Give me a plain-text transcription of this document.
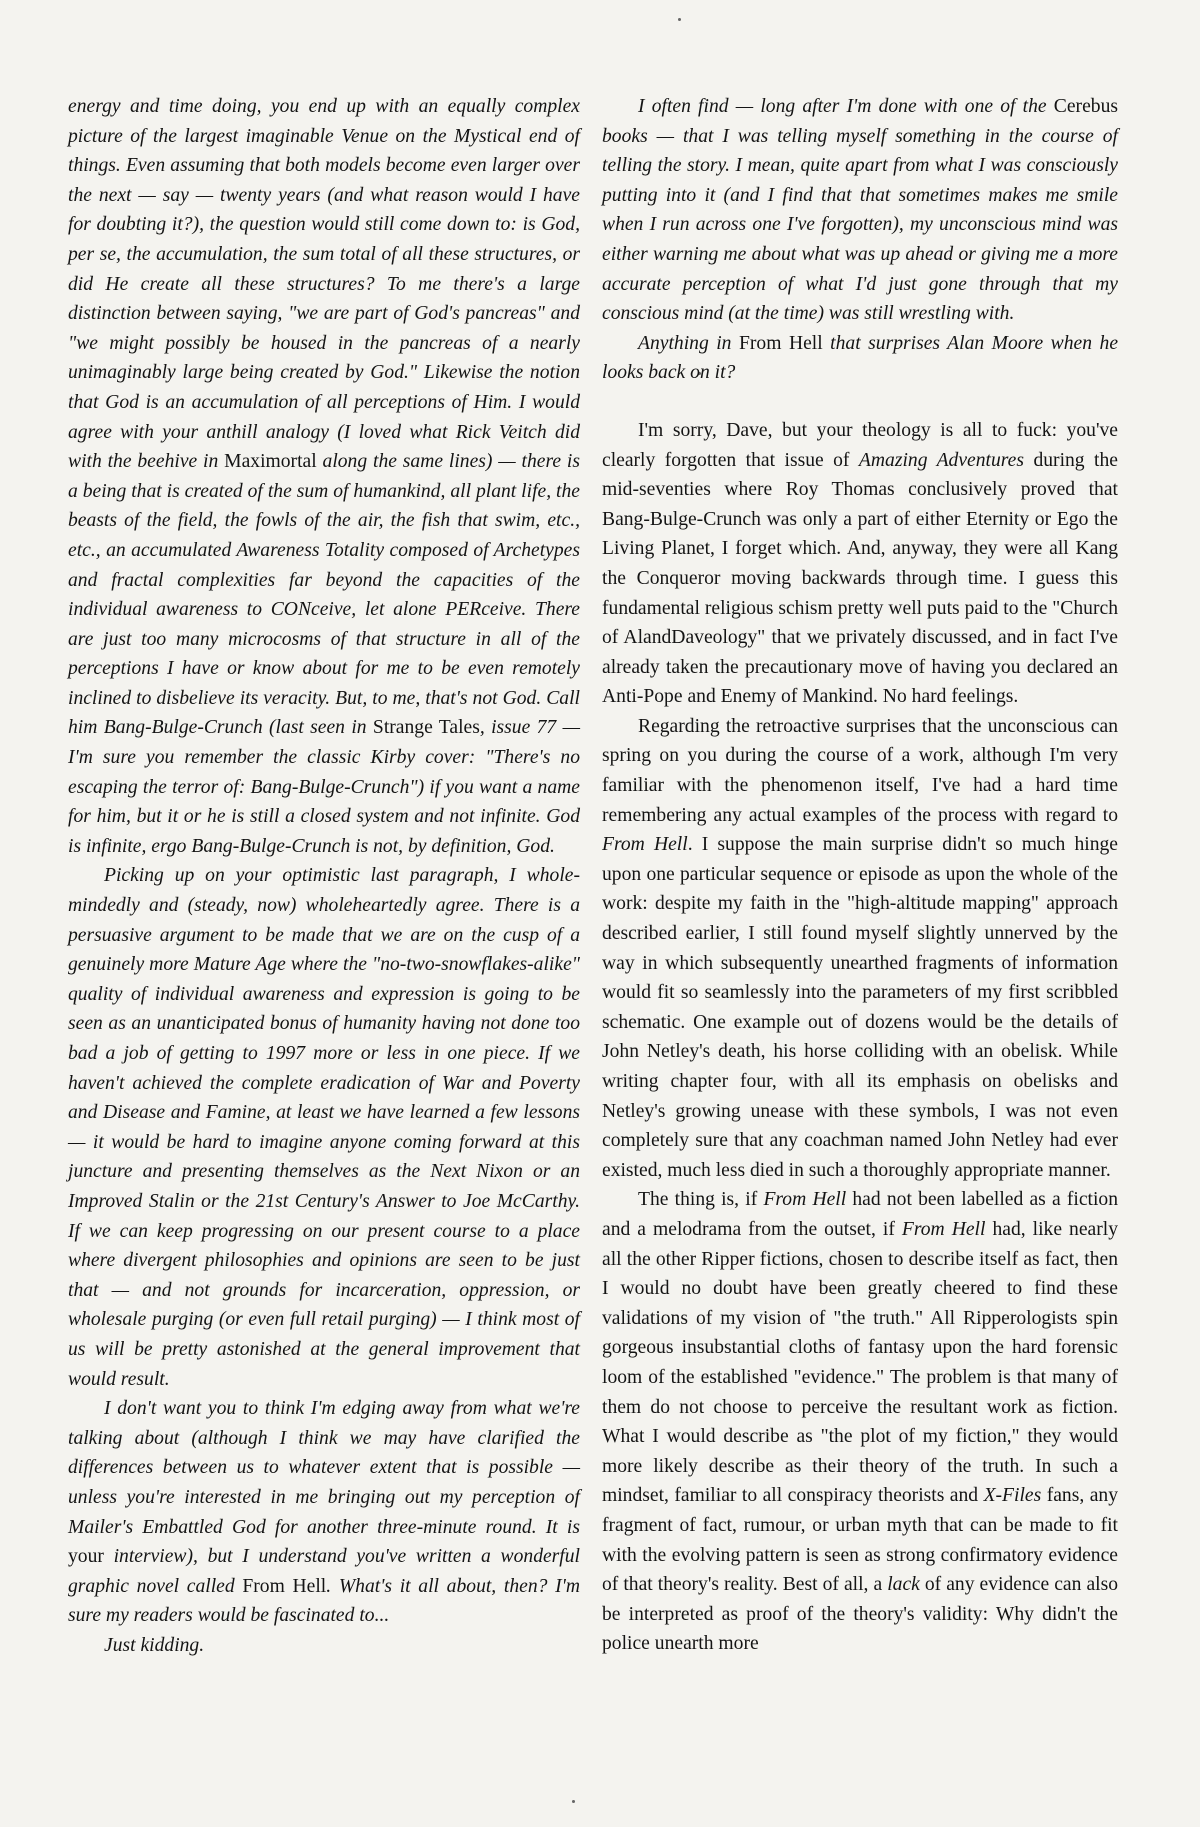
energy and time doing, you end up with an equally complex picture of the largest imaginable Venue on the Mystical end of things. Even assuming that both models become even larger over the next — say — twenty years (and what reason would I have for doubting it?), the question would still come down to: is God, per se, the accumulation, the sum total of all these structures, or did He create all these structures? To me there's a large distinction between saying, "we are part of God's pancreas" and "we might possibly be housed in the pancreas of a nearly unimaginably large being created by God." Likewise the notion that God is an accumulation of all perceptions of Him. I would agree with your anthill analogy (I loved what Rick Veitch did with the beehive in Maximortal along the same lines) — there is a being that is created of the sum of humankind, all plant life, the beasts of the field, the fowls of the air, the fish that swim, etc., etc., an accumulated Awareness Totality composed of Archetypes and fractal complexities far beyond the capacities of the individual awareness to CONceive, let alone PERceive. There are just too many microcosms of that structure in all of the perceptions I have or know about for me to be even remotely inclined to disbelieve its veracity. But, to me, that's not God. Call him Bang-Bulge-Crunch (last seen in Strange Tales, issue 77 — I'm sure you remember the classic Kirby cover: "There's no escaping the terror of: Bang-Bulge-Crunch") if you want a name for him, but it or he is still a closed system and not infinite. God is infinite, ergo Bang-Bulge-Crunch is not, by definition, God.

Picking up on your optimistic last paragraph, I whole-mindedly and (steady, now) wholeheartedly agree. There is a persuasive argument to be made that we are on the cusp of a genuinely more Mature Age where the "no-two-snowflakes-alike" quality of individual awareness and expression is going to be seen as an unanticipated bonus of humanity having not done too bad a job of getting to 1997 more or less in one piece. If we haven't achieved the complete eradication of War and Poverty and Disease and Famine, at least we have learned a few lessons — it would be hard to imagine anyone coming forward at this juncture and presenting themselves as the Next Nixon or an Improved Stalin or the 21st Century's Answer to Joe McCarthy. If we can keep progressing on our present course to a place where divergent philosophies and opinions are seen to be just that — and not grounds for incarceration, oppression, or wholesale purging (or even full retail purging) — I think most of us will be pretty astonished at the general improvement that would result.

I don't want you to think I'm edging away from what we're talking about (although I think we may have clarified the differences between us to whatever extent that is possible — unless you're interested in me bringing out my perception of Mailer's Embattled God for another three-minute round. It is your interview), but I understand you've written a wonderful graphic novel called From Hell. What's it all about, then? I'm sure my readers would be fascinated to...

Just kidding.

I often find — long after I'm done with one of the Cerebus books — that I was telling myself something in the course of telling the story. I mean, quite apart from what I was consciously putting into it (and I find that that sometimes makes me smile when I run across one I've forgotten), my unconscious mind was either warning me about what was up ahead or giving me a more accurate perception of what I'd just gone through that my conscious mind (at the time) was still wrestling with.

Anything in From Hell that surprises Alan Moore when he looks back on it?

I'm sorry, Dave, but your theology is all to fuck: you've clearly forgotten that issue of Amazing Adventures during the mid-seventies where Roy Thomas conclusively proved that Bang-Bulge-Crunch was only a part of either Eternity or Ego the Living Planet, I forget which. And, anyway, they were all Kang the Conqueror moving backwards through time. I guess this fundamental religious schism pretty well puts paid to the "Church of AlandDaveology" that we privately discussed, and in fact I've already taken the precautionary move of having you declared an Anti-Pope and Enemy of Mankind. No hard feelings.

Regarding the retroactive surprises that the unconscious can spring on you during the course of a work, although I'm very familiar with the phenomenon itself, I've had a hard time remembering any actual examples of the process with regard to From Hell. I suppose the main surprise didn't so much hinge upon one particular sequence or episode as upon the whole of the work: despite my faith in the "high-altitude mapping" approach described earlier, I still found myself slightly unnerved by the way in which subsequently unearthed fragments of information would fit so seamlessly into the parameters of my first scribbled schematic. One example out of dozens would be the details of John Netley's death, his horse colliding with an obelisk. While writing chapter four, with all its emphasis on obelisks and Netley's growing unease with these symbols, I was not even completely sure that any coachman named John Netley had ever existed, much less died in such a thoroughly appropriate manner.

The thing is, if From Hell had not been labelled as a fiction and a melodrama from the outset, if From Hell had, like nearly all the other Ripper fictions, chosen to describe itself as fact, then I would no doubt have been greatly cheered to find these validations of my vision of "the truth." All Ripperologists spin gorgeous insubstantial cloths of fantasy upon the hard forensic loom of the established "evidence." The problem is that many of them do not choose to perceive the resultant work as fiction. What I would describe as "the plot of my fiction," they would more likely describe as their theory of the truth. In such a mindset, familiar to all conspiracy theorists and X-Files fans, any fragment of fact, rumour, or urban myth that can be made to fit with the evolving pattern is seen as strong confirmatory evidence of that theory's reality. Best of all, a lack of any evidence can also be interpreted as proof of the theory's validity: Why didn't the police unearth more
